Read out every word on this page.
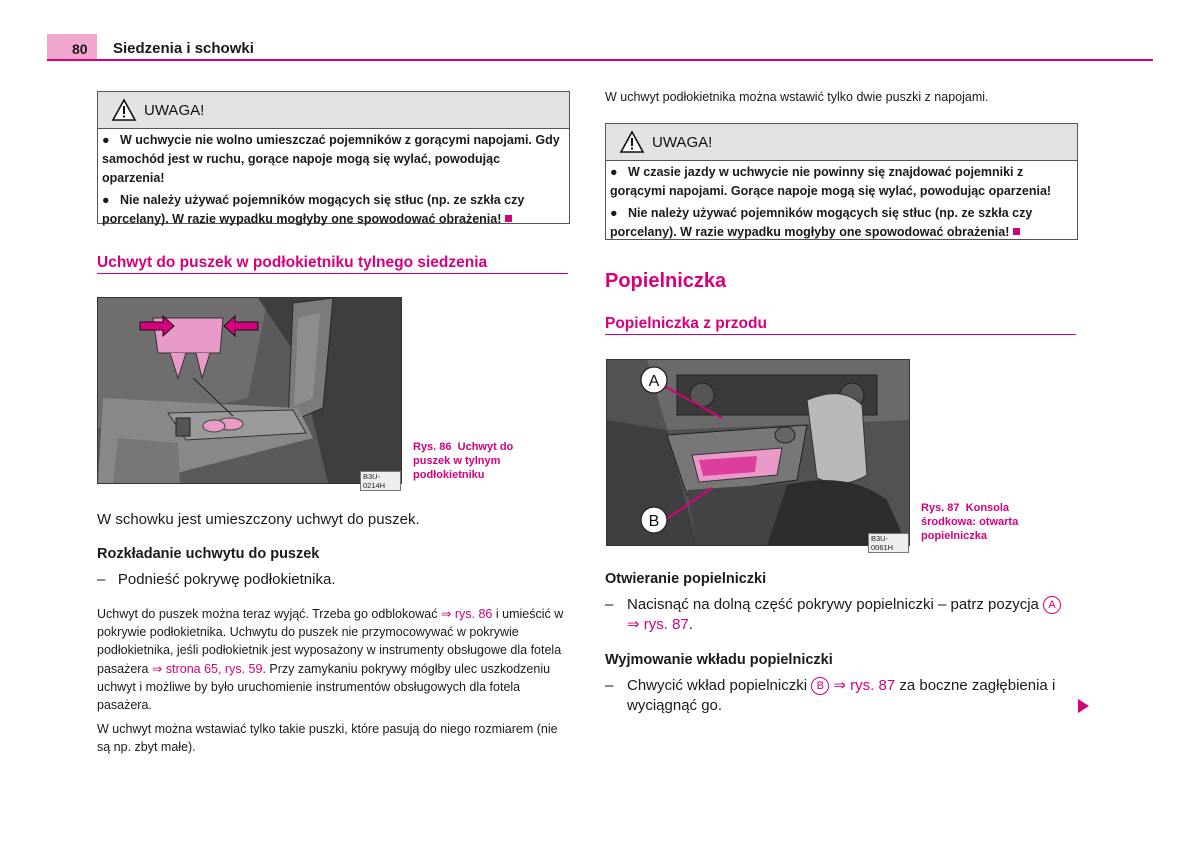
80 Siedzenia i schowki
UWAGA!
● W uchwycie nie wolno umieszczać pojemników z gorącymi napojami. Gdy samochód jest w ruchu, gorące napoje mogą się wylać, powodując oparzenia!
● Nie należy używać pojemników mogących się stłuc (np. ze szkła czy porcelany). W razie wypadku mogłyby one spowodować obrażenia!
Uchwyt do puszek w podłokietniku tylnego siedzenia
B3U-0214H
Rys. 86 Uchwyt do puszek w tylnym podłokietniku
W schowku jest umieszczony uchwyt do puszek.
Rozkładanie uchwytu do puszek
–   Podnieść pokrywę podłokietnika.
Uchwyt do puszek można teraz wyjąć. Trzeba go odblokować ⇒ rys. 86 i umieścić w pokrywie podłokietnika. Uchwytu do puszek nie przymocowywać w pokrywie podłokietnika, jeśli podłokietnik jest wyposażony w instrumenty obsługowe dla fotela pasażera ⇒ strona 65, rys. 59. Przy zamykaniu pokrywy mógłby ulec uszkodzeniu uchwyt i możliwe by było uruchomienie instrumentów obsługowych dla fotela pasażera.
W uchwyt można wstawiać tylko takie puszki, które pasują do niego rozmiarem (nie są np. zbyt małe).
W uchwyt podłokietnika można wstawić tylko dwie puszki z napojami.
UWAGA!
● W czasie jazdy w uchwycie nie powinny się znajdować pojemniki z gorącymi napojami. Gorące napoje mogą się wylać, powodując oparzenia!
● Nie należy używać pojemników mogących się stłuc (np. ze szkła czy porcelany). W razie wypadku mogłyby one spowodować obrażenia!
Popielniczka
Popielniczka z przodu
A
B
B3U-0061H
Rys. 87 Konsola środkowa: otwarta popielniczka
Otwieranie popielniczki
– Nacisnąć na dolną część pokrywy popielniczki – patrz pozycja A
⇒ rys. 87.
Wyjmowanie wkładu popielniczki
– Chwycić wkład popielniczki B ⇒ rys. 87 za boczne zagłębienia i wyciągnąć go.
